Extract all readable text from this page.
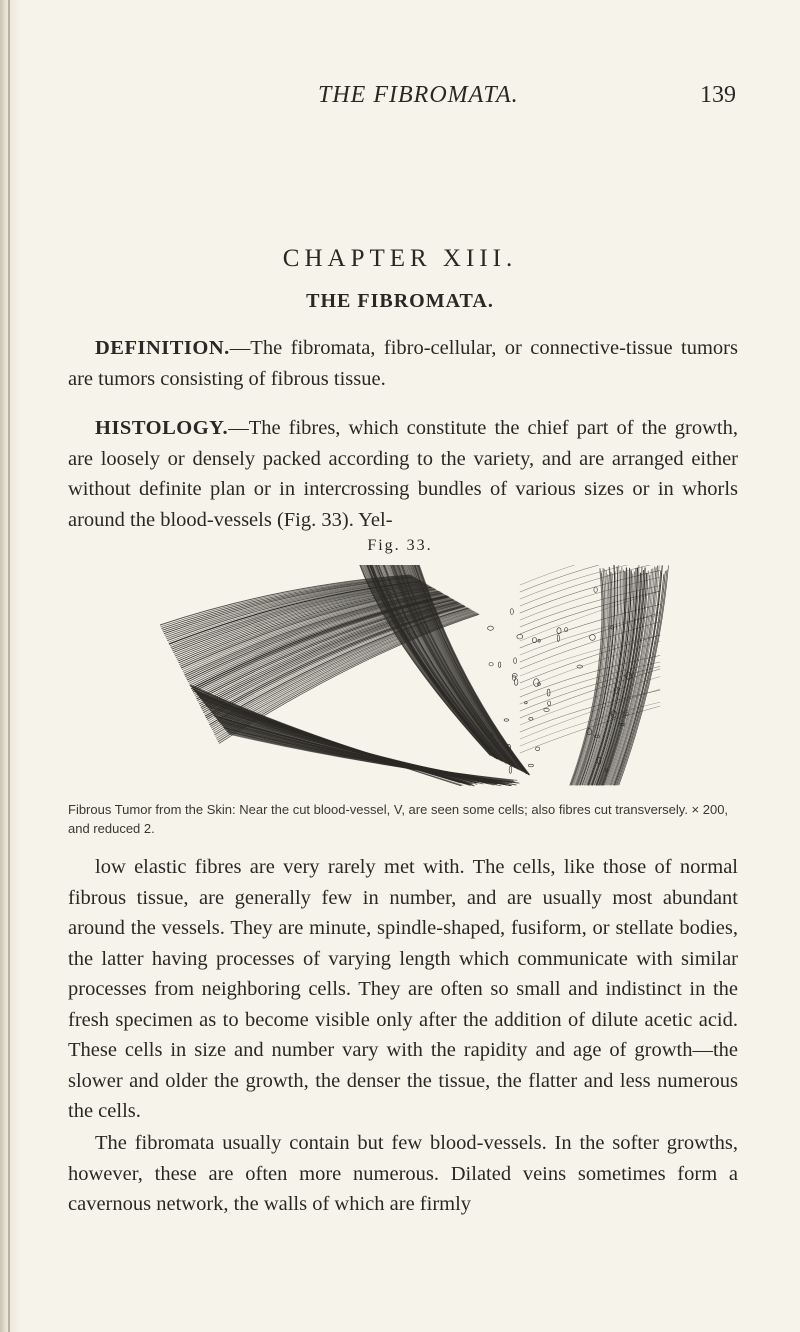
THE FIBROMATA.	139
CHAPTER XIII.
THE FIBROMATA.

DEFINITION.—The fibromata, fibro-cellular, or connective-tissue tumors are tumors consisting of fibrous tissue.

HISTOLOGY.—The fibres, which constitute the chief part of the growth, are loosely or densely packed according to the variety, and are arranged either without definite plan or in intercrossing bundles of various sizes or in whorls around the blood-vessels (Fig. 33). Yel-

Fig. 33.

Fibrous Tumor from the Skin: Near the cut blood-vessel, V, are seen some cells; also fibres cut transversely. × 200, and reduced 2.

low elastic fibres are very rarely met with. The cells, like those of normal fibrous tissue, are generally few in number, and are usually most abundant around the vessels. They are minute, spindle-shaped, fusiform, or stellate bodies, the latter having processes of varying length which communicate with similar processes from neighboring cells. They are often so small and indistinct in the fresh specimen as to become visible only after the addition of dilute acetic acid. These cells in size and number vary with the rapidity and age of growth—the slower and older the growth, the denser the tissue, the flatter and less numerous the cells.

The fibromata usually contain but few blood-vessels. In the softer growths, however, these are often more numerous. Dilated veins sometimes form a cavernous network, the walls of which are firmly
